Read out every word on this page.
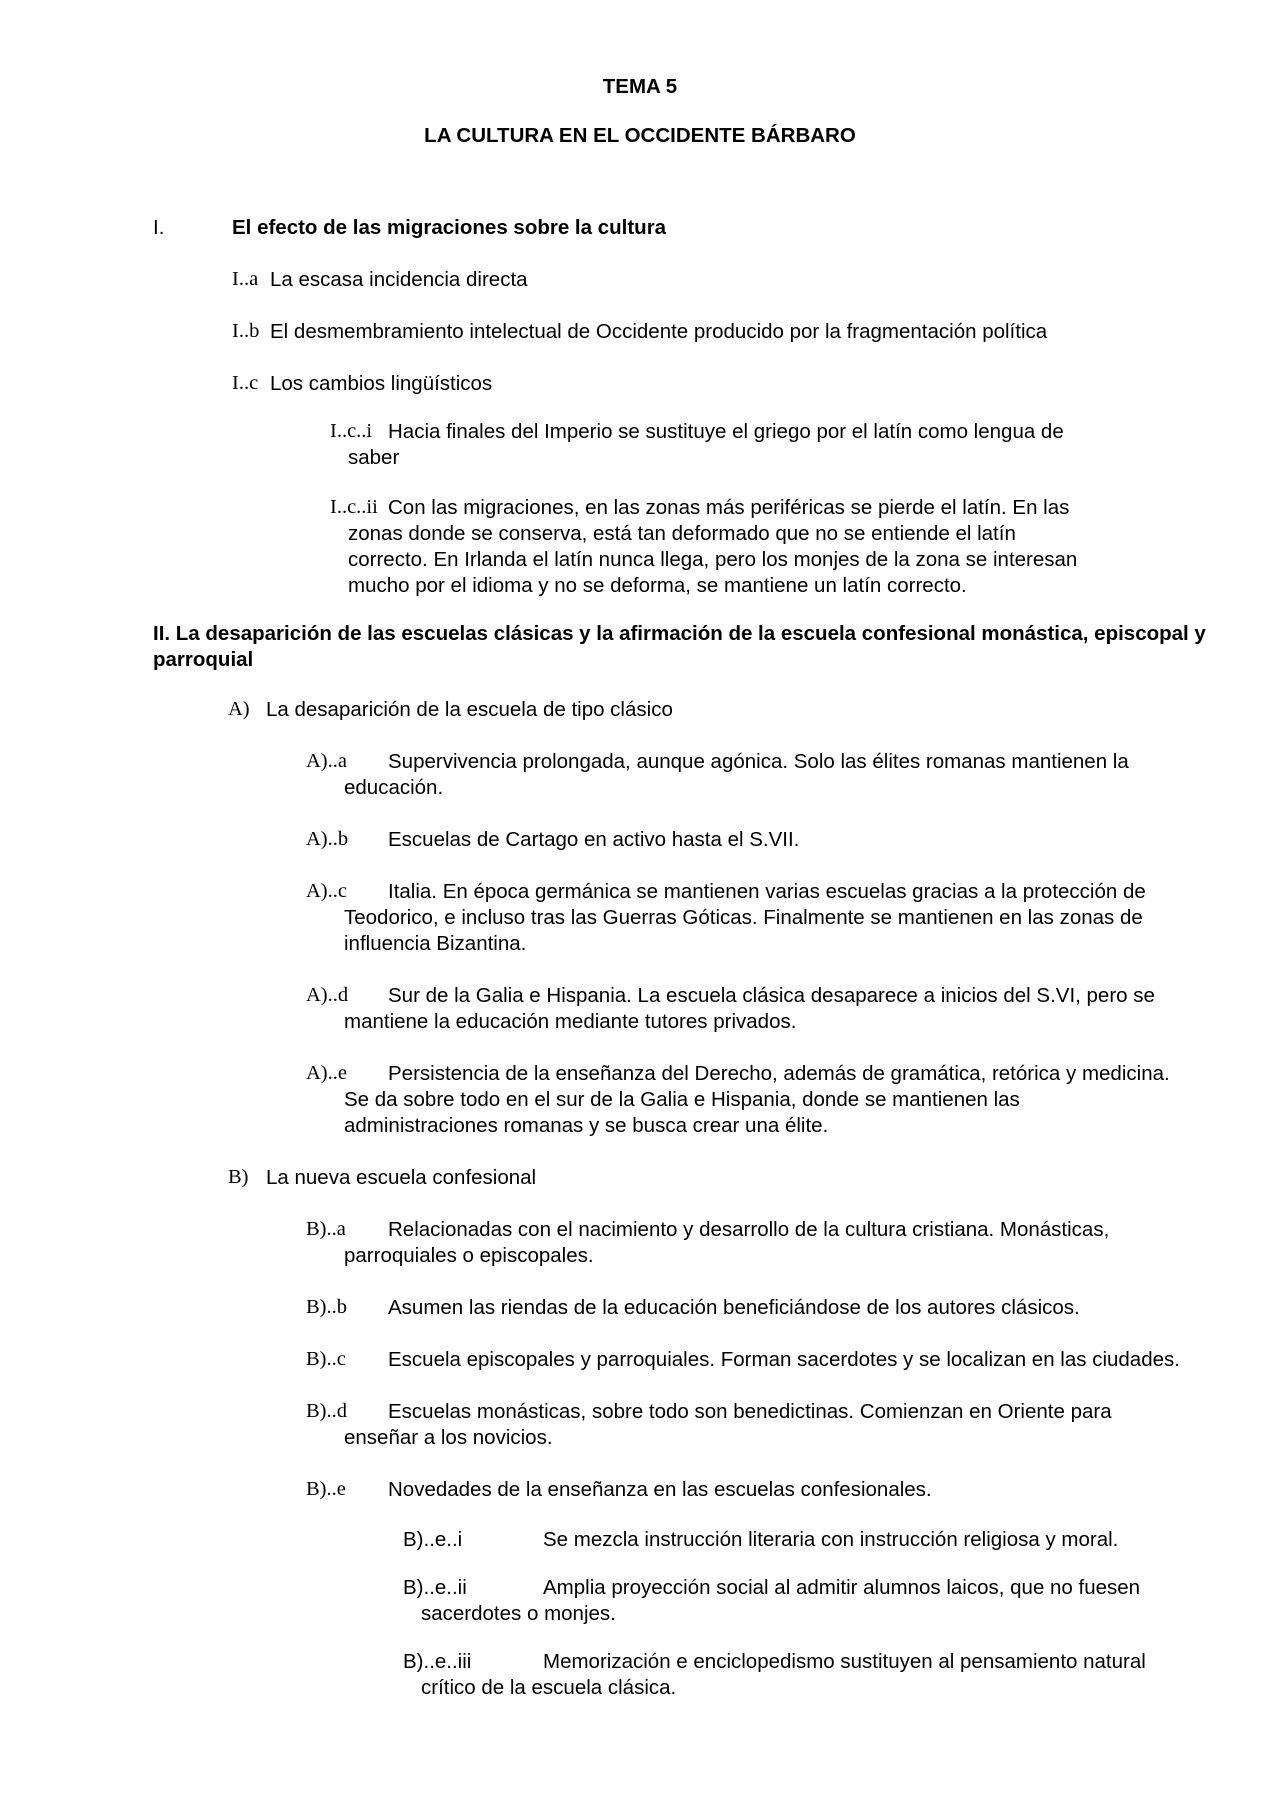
TEMA 5
LA CULTURA EN EL OCCIDENTE BÁRBARO
I.	El efecto de las migraciones sobre la cultura
I..a La escasa incidencia directa
I..b El desmembramiento intelectual de Occidente producido por la fragmentación política
I..c Los cambios lingüísticos
I..c..i Hacia finales del Imperio se sustituye el griego por el latín como lengua de
saber
I..c..ii Con las migraciones, en las zonas más periféricas se pierde el latín. En las
zonas donde se conserva, está tan deformado que no se entiende el latín
correcto. En Irlanda el latín nunca llega, pero los monjes de la zona se interesan
mucho por el idioma y no se deforma, se mantiene un latín correcto.
II. La desaparición de las escuelas clásicas y la afirmación de la escuela confesional monástica, episcopal y
parroquial
A) La desaparición de la escuela de tipo clásico
A)..a Supervivencia prolongada, aunque agónica. Solo las élites romanas mantienen la
educación.
A)..b Escuelas de Cartago en activo hasta el S.VII.
A)..c Italia. En época germánica se mantienen varias escuelas gracias a la protección de
Teodorico, e incluso tras las Guerras Góticas. Finalmente se mantienen en las zonas de
influencia Bizantina.
A)..d Sur de la Galia e Hispania. La escuela clásica desaparece a inicios del S.VI, pero se
mantiene la educación mediante tutores privados.
A)..e Persistencia de la enseñanza del Derecho, además de gramática, retórica y medicina.
Se da sobre todo en el sur de la Galia e Hispania, donde se mantienen las
administraciones romanas y se busca crear una élite.
B) La nueva escuela confesional
B)..a Relacionadas con el nacimiento y desarrollo de la cultura cristiana. Monásticas,
parroquiales o episcopales.
B)..b Asumen las riendas de la educación beneficiándose de los autores clásicos.
B)..c Escuela episcopales y parroquiales. Forman sacerdotes y se localizan en las ciudades.
B)..d Escuelas monásticas, sobre todo son benedictinas. Comienzan en Oriente para
enseñar a los novicios.
B)..e Novedades de la enseñanza en las escuelas confesionales.
B)..e..i	Se mezcla instrucción literaria con instrucción religiosa y moral.
B)..e..ii	Amplia proyección social al admitir alumnos laicos, que no fuesen
sacerdotes o monjes.
B)..e..iii	Memorización e enciclopedismo sustituyen al pensamiento natural
crítico de la escuela clásica.
